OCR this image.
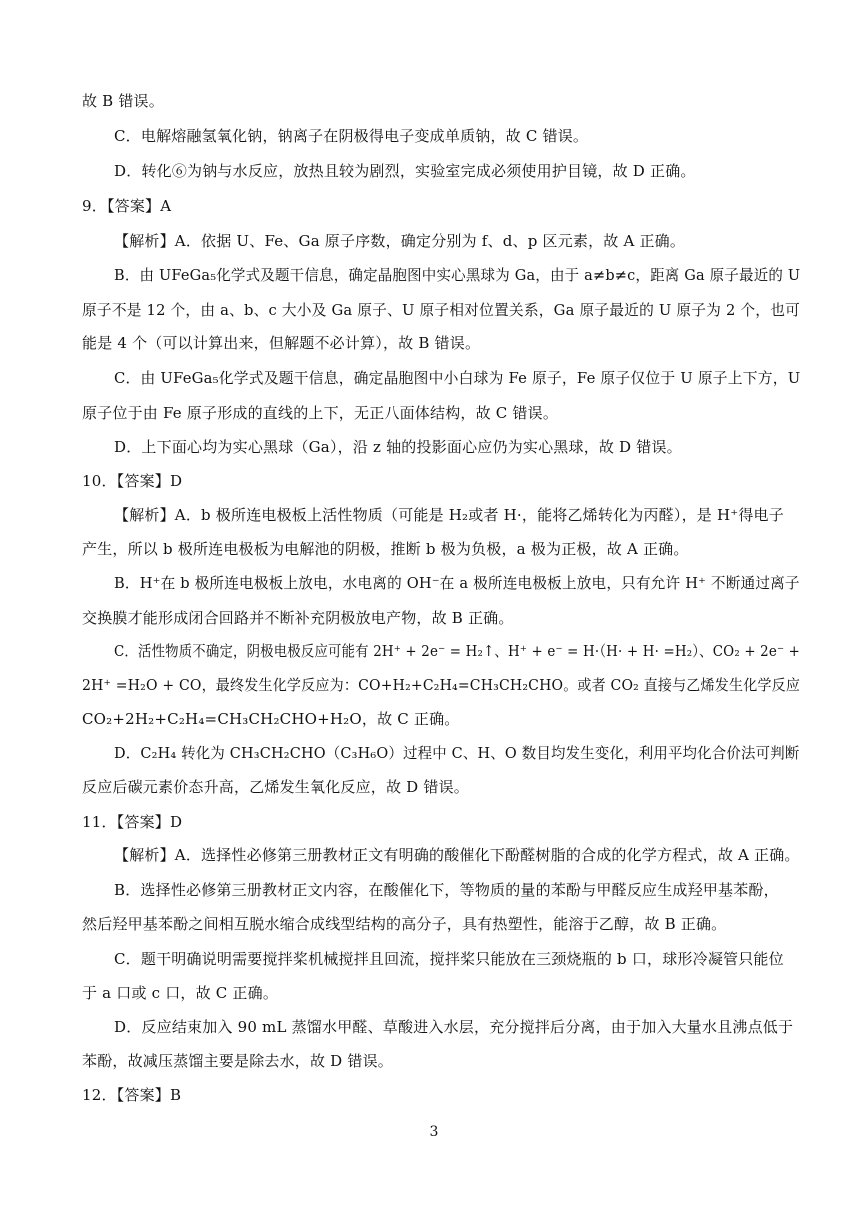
故 B 错误。
C．电解熔融氢氧化钠，钠离子在阴极得电子变成单质钠，故 C 错误。
D．转化⑥为钠与水反应，放热且较为剧烈，实验室完成必须使用护目镜，故 D 正确。
9．【答案】A
【解析】A．依据 U、Fe、Ga 原子序数，确定分别为 f、d、p 区元素，故 A 正确。
B．由 UFeGa₅化学式及题干信息，确定晶胞图中实心黑球为 Ga，由于 a≠b≠c，距离 Ga 原子最近的 U
原子不是 12 个，由 a、b、c 大小及 Ga 原子、U 原子相对位置关系，Ga 原子最近的 U 原子为 2 个，也可
能是 4 个（可以计算出来，但解题不必计算），故 B 错误。
C．由 UFeGa₅化学式及题干信息，确定晶胞图中小白球为 Fe 原子，Fe 原子仅位于 U 原子上下方，U
原子位于由 Fe 原子形成的直线的上下，无正八面体结构，故 C 错误。
D．上下面心均为实心黑球（Ga），沿 z 轴的投影面心应仍为实心黑球，故 D 错误。
10．【答案】D
【解析】A．b 极所连电极板上活性物质（可能是 H₂或者 H·，能将乙烯转化为丙醛），是 H⁺得电子
产生，所以 b 极所连电极板为电解池的阴极，推断 b 极为负极，a 极为正极，故 A 正确。
B．H⁺在 b 极所连电极板上放电，水电离的 OH⁻在 a 极所连电极板上放电，只有允许 H⁺ 不断通过离子
交换膜才能形成闭合回路并不断补充阴极放电产物，故 B 正确。
C．活性物质不确定，阴极电极反应可能有 2H⁺ + 2e⁻ = H₂↑、H⁺ + e⁻ = H·（H· + H· =H₂）、CO₂ + 2e⁻ +
2H⁺ =H₂O + CO，最终发生化学反应为：CO+H₂+C₂H₄=CH₃CH₂CHO。或者 CO₂ 直接与乙烯发生化学反应
CO₂+2H₂+C₂H₄=CH₃CH₂CHO+H₂O，故 C 正确。
D．C₂H₄ 转化为 CH₃CH₂CHO（C₃H₆O）过程中 C、H、O 数目均发生变化，利用平均化合价法可判断
反应后碳元素价态升高，乙烯发生氧化反应，故 D 错误。
11．【答案】D
【解析】A．选择性必修第三册教材正文有明确的酸催化下酚醛树脂的合成的化学方程式，故 A 正确。
B．选择性必修第三册教材正文内容，在酸催化下，等物质的量的苯酚与甲醛反应生成羟甲基苯酚，
然后羟甲基苯酚之间相互脱水缩合成线型结构的高分子，具有热塑性，能溶于乙醇，故 B 正确。
C．题干明确说明需要搅拌桨机械搅拌且回流，搅拌桨只能放在三颈烧瓶的 b 口，球形冷凝管只能位
于 a 口或 c 口，故 C 正确。
D．反应结束加入 90 mL 蒸馏水甲醛、草酸进入水层，充分搅拌后分离，由于加入大量水且沸点低于
苯酚，故减压蒸馏主要是除去水，故 D 错误。
12．【答案】B
3
